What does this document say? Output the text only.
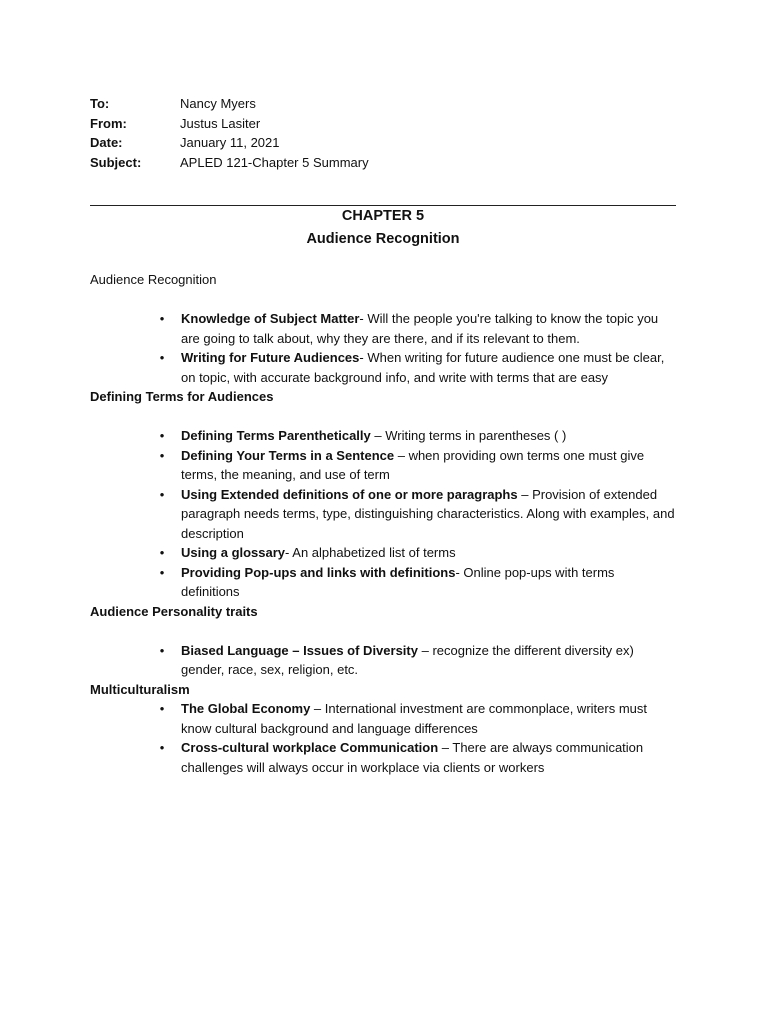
To:	Nancy Myers
From:	Justus Lasiter
Date:	January 11, 2021
Subject:	APLED 121-Chapter 5 Summary
CHAPTER 5
Audience Recognition
Audience Recognition
• Knowledge of Subject Matter- Will the people you're talking to know the topic you are going to talk about, why they are there, and if its relevant to them.
• Writing for Future Audiences- When writing for future audience one must be clear, on topic, with accurate background info, and write with terms that are easy
Defining Terms for Audiences
• Defining Terms Parenthetically – Writing terms in parentheses ( )
• Defining Your Terms in a Sentence – when providing own terms one must give terms, the meaning, and use of term
• Using Extended definitions of one or more paragraphs – Provision of extended paragraph needs terms, type, distinguishing characteristics. Along with examples, and description
• Using a glossary- An alphabetized list of terms
• Providing Pop-ups and links with definitions- Online pop-ups with terms definitions
Audience Personality traits
• Biased Language – Issues of Diversity – recognize the different diversity ex) gender, race, sex, religion, etc.
Multiculturalism
• The Global Economy – International investment are commonplace, writers must know cultural background and language differences
• Cross-cultural workplace Communication – There are always communication challenges will always occur in workplace via clients or workers
